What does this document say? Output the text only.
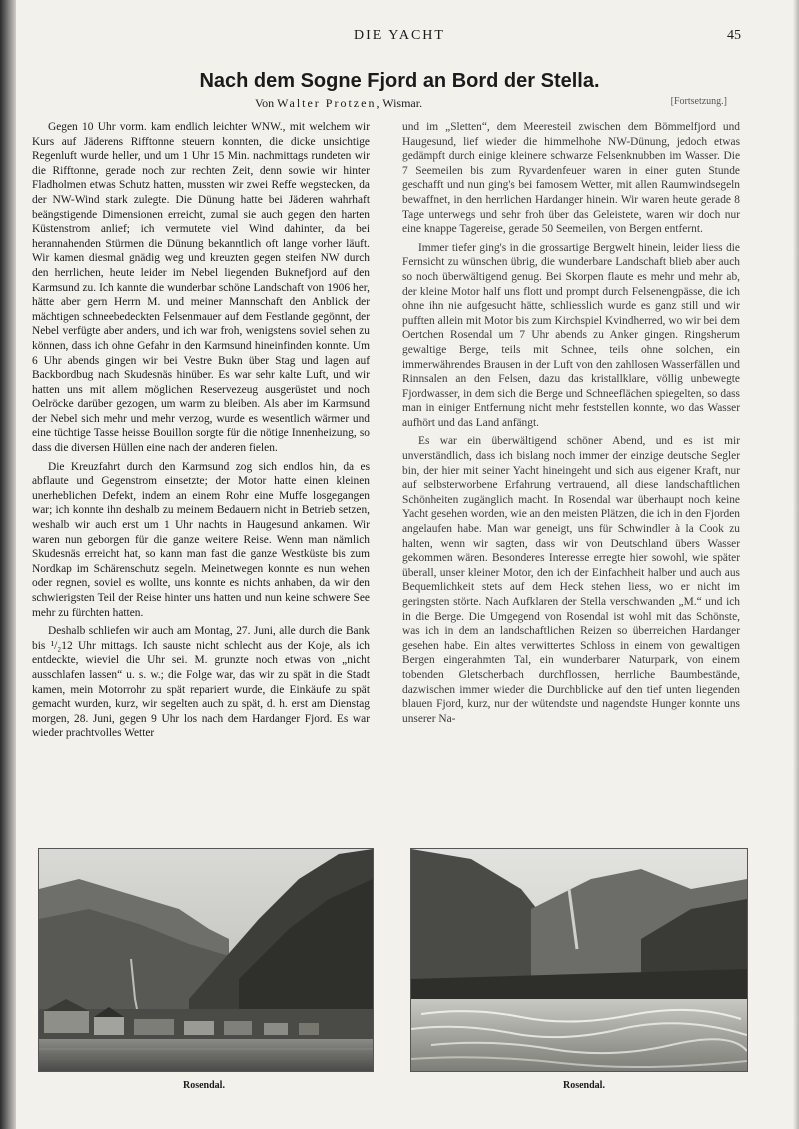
DIE YACHT	45
Nach dem Sogne Fjord an Bord der Stella.
Von Walter Protzen, Wismar.	[Fortsetzung.]

Gegen 10 Uhr vorm. kam endlich leichter WNW., mit welchem wir Kurs auf Jäderens Rifftonne steuern konnten, die dicke unsichtige Regenluft wurde heller, und um 1 Uhr 15 Min. nachmittags rundeten wir die Rifftonne, gerade noch zur rechten Zeit, denn sowie wir hinter Fladholmen etwas Schutz hatten, mussten wir zwei Reffe wegstecken, da der NW-Wind stark zulegte. Die Dünung hatte bei Jäderen wahrhaft beängstigende Dimensionen erreicht, zumal sie auch gegen den harten Küstenstrom anlief; ich vermutete viel Wind dahinter, da bei herannahenden Stürmen die Dünung bekanntlich oft lange vorher läuft. Wir kamen diesmal gnädig weg und kreuzten gegen steifen NW durch den herrlichen, heute leider im Nebel liegenden Buknefjord auf den Karmsund zu. Ich kannte die wunderbar schöne Landschaft von 1906 her, hätte aber gern Herrn M. und meiner Mannschaft den Anblick der mächtigen schneebedeckten Felsenmauer auf dem Festlande gegönnt, der Nebel verfügte aber anders, und ich war froh, wenigstens soviel sehen zu können, dass ich ohne Gefahr in den Karmsund hineinfinden konnte. Um 6 Uhr abends gingen wir bei Vestre Bukn über Stag und lagen auf Backbordbug nach Skudesnäs hinüber. Es war sehr kalte Luft, und wir hatten uns mit allem möglichen Reservezeug ausgerüstet und noch Oelröcke darüber gezogen, um warm zu bleiben. Als aber im Karmsund der Nebel sich mehr und mehr verzog, wurde es wesentlich wärmer und eine tüchtige Tasse heisse Bouillon sorgte für die nötige Innenheizung, so dass die diversen Hüllen eine nach der anderen fielen.

Die Kreuzfahrt durch den Karmsund zog sich endlos hin, da es abflaute und Gegenstrom einsetzte; der Motor hatte einen kleinen unerheblichen Defekt, indem an einem Rohr eine Muffe losgegangen war; ich konnte ihn deshalb zu meinem Bedauern nicht in Betrieb setzen, weshalb wir auch erst um 1 Uhr nachts in Haugesund ankamen. Wir waren nun geborgen für die ganze weitere Reise. Wenn man nämlich Skudesnäs erreicht hat, so kann man fast die ganze Westküste bis zum Nordkap im Schärenschutz segeln. Meinetwegen konnte es nun wehen oder regnen, soviel es wollte, uns konnte es nichts anhaben, da wir den schwierigsten Teil der Reise hinter uns hatten und nun keine schwere See mehr zu fürchten hatten.

Deshalb schliefen wir auch am Montag, 27. Juni, alle durch die Bank bis ¹/₂12 Uhr mittags. Ich sauste nicht schlecht aus der Koje, als ich entdeckte, wieviel die Uhr sei. M. grunzte noch etwas von „nicht ausschlafen lassen“ u. s. w.; die Folge war, das wir zu spät in die Stadt kamen, mein Motorrohr zu spät repariert wurde, die Einkäufe zu spät gemacht wurden, kurz, wir segelten auch zu spät, d. h. erst am Dienstag morgen, 28. Juni, gegen 9 Uhr los nach dem Hardanger Fjord. Es war wieder prachtvolles Wetter

und im „Sletten“, dem Meeresteil zwischen dem Bömmelfjord und Haugesund, lief wieder die himmelhohe NW-Dünung, jedoch etwas gedämpft durch einige kleinere schwarze Felsenknubben im Wasser. Die 7 Seemeilen bis zum Ryvardenfeuer waren in einer guten Stunde geschafft und nun ging's bei famosem Wetter, mit allen Raumwindsegeln bewaffnet, in den herrlichen Hardanger hinein. Wir waren heute gerade 8 Tage unterwegs und sehr froh über das Geleistete, waren wir doch nur eine knappe Tagereise, gerade 50 Seemeilen, von Bergen entfernt.

Immer tiefer ging's in die grossartige Bergwelt hinein, leider liess die Fernsicht zu wünschen übrig, die wunderbare Landschaft blieb aber auch so noch überwältigend genug. Bei Skorpen flaute es mehr und mehr ab, der kleine Motor half uns flott und prompt durch Felsenengpässe, die ich ohne ihn nie aufgesucht hätte, schliesslich wurde es ganz still und wir pufften allein mit Motor bis zum Kirchspiel Kvindherred, wo wir bei dem Oertchen Rosendal um 7 Uhr abends zu Anker gingen. Ringsherum gewaltige Berge, teils mit Schnee, teils ohne solchen, ein immerwährendes Brausen in der Luft von den zahllosen Wasserfällen und Rinnsalen an den Felsen, dazu das kristallklare, völlig unbewegte Fjordwasser, in dem sich die Berge und Schneeflächen spiegelten, so dass man in einiger Entfernung nicht mehr feststellen konnte, wo das Wasser aufhört und das Land anfängt.

Es war ein überwältigend schöner Abend, und es ist mir unverständlich, dass ich bislang noch immer der einzige deutsche Segler bin, der hier mit seiner Yacht hineingeht und sich aus eigener Kraft, nur auf selbsterworbene Erfahrung vertrauend, all diese landschaftlichen Schönheiten zugänglich macht. In Rosendal war überhaupt noch keine Yacht gesehen worden, wie an den meisten Plätzen, die ich in den Fjorden angelaufen habe. Man war geneigt, uns für Schwindler à la Cook zu halten, wenn wir sagten, dass wir von Deutschland übers Wasser gekommen wären. Besonderes Interesse erregte hier sowohl, wie später überall, unser kleiner Motor, den ich der Einfachheit halber und auch aus Bequemlichkeit stets auf dem Heck stehen liess, wo er nicht im geringsten störte. Nach Aufklaren der Stella verschwanden „M.“ und ich in die Berge. Die Umgegend von Rosendal ist wohl mit das Schönste, was ich in dem an landschaftlichen Reizen so überreichen Hardanger gesehen habe. Ein altes verwittertes Schloss in einem von gewaltigen Bergen eingerahmten Tal, ein wunderbarer Naturpark, von einem tobenden Gletscherbach durchflossen, herrliche Baumbestände, dazwischen immer wieder die Durchblicke auf den tief unten liegenden blauen Fjord, kurz, nur der wütendste und nagendste Hunger konnte uns unserer Na-

Rosendal.	Rosendal.
